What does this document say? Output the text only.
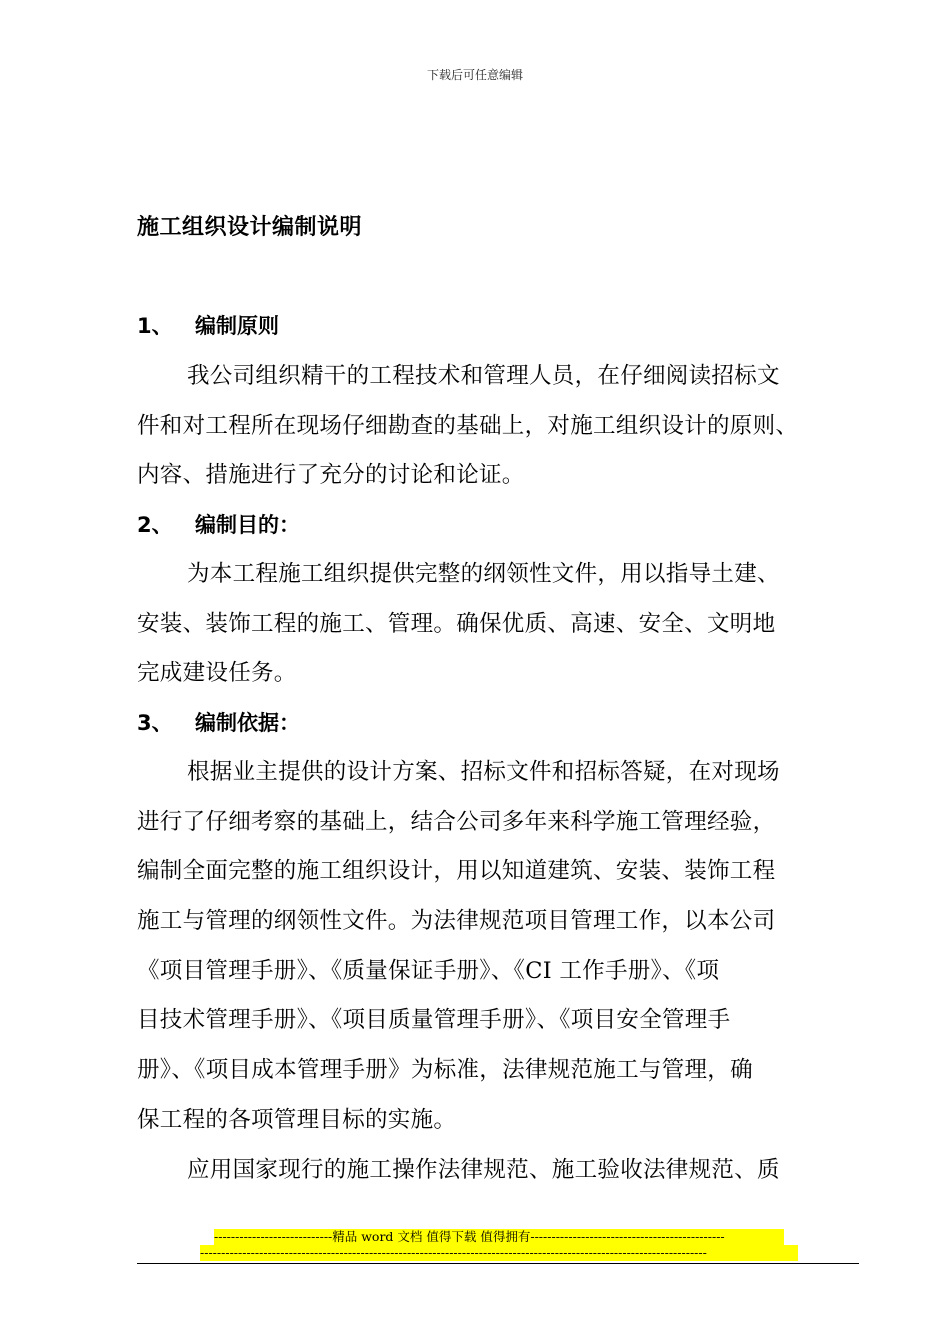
下载后可任意编辑
施工组织设计编制说明
1、 编制原则
我公司组织精干的工程技术和管理人员，在仔细阅读招标文
件和对工程所在现场仔细勘查的基础上，对施工组织设计的原则、
内容、措施进行了充分的讨论和论证。
2、 编制目的：
为本工程施工组织提供完整的纲领性文件，用以指导土建、
安装、装饰工程的施工、管理。确保优质、高速、安全、文明地
完成建设任务。
3、 编制依据：
根据业主提供的设计方案、招标文件和招标答疑，在对现场
进行了仔细考察的基础上，结合公司多年来科学施工管理经验，
编制全面完整的施工组织设计，用以知道建筑、安装、装饰工程
施工与管理的纲领性文件。为法律规范项目管理工作，以本公司
《项目管理手册》、《质量保证手册》、《CI 工作手册》、《项
目技术管理手册》、《项目质量管理手册》、《项目安全管理手
册》、《项目成本管理手册》为标准，法律规范施工与管理，确
保工程的各项管理目标的实施。
应用国家现行的施工操作法律规范、施工验收法律规范、质
----------------------------精品 word 文档 值得下载 值得拥有----------------------------------------------
------------------------------------------------------------------------------------------------------------------------
